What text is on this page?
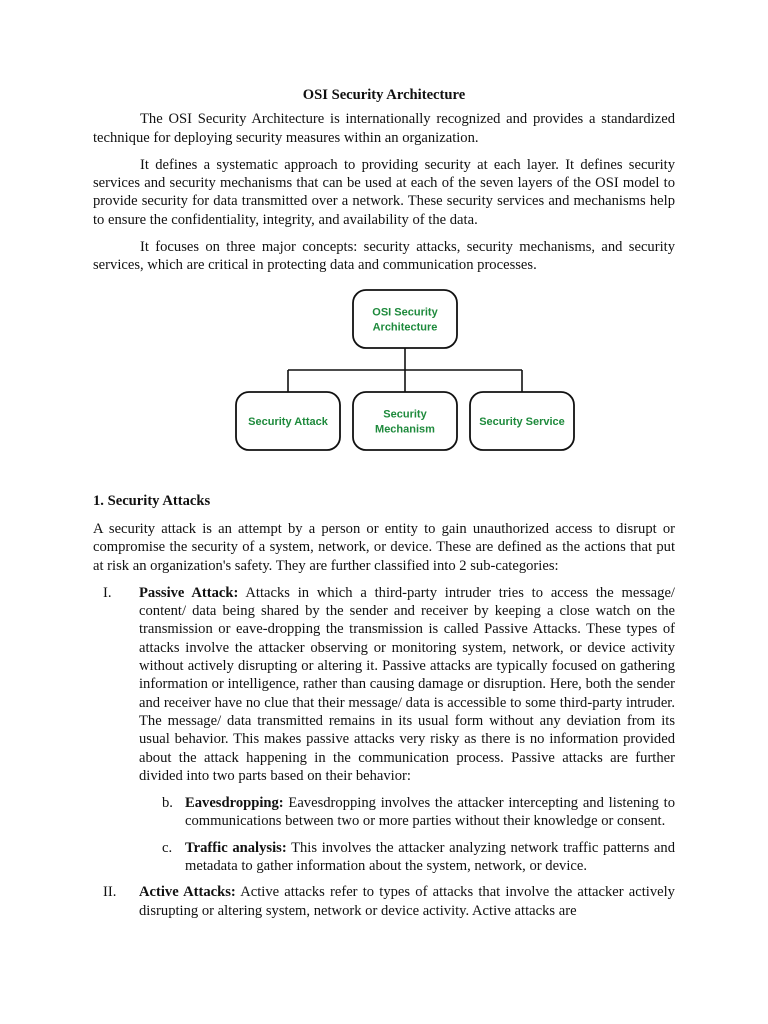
OSI Security Architecture

The OSI Security Architecture is internationally recognized and provides a standardized technique for deploying security measures within an organization.

It defines a systematic approach to providing security at each layer. It defines security services and security mechanisms that can be used at each of the seven layers of the OSI model to provide security for data transmitted over a network. These security services and mechanisms help to ensure the confidentiality, integrity, and availability of the data.

It focuses on three major concepts: security attacks, security mechanisms, and security services, which are critical in protecting data and communication processes.

OSI Security
Architecture
Security Attack
Security
Mechanism
Security Service
1. Security Attacks

A security attack is an attempt by a person or entity to gain unauthorized access to disrupt or compromise the security of a system, network, or device. These are defined as the actions that put at risk an organization's safety. They are further classified into 2 sub-categories:

I. Passive Attack: Attacks in which a third-party intruder tries to access the message/ content/ data being shared by the sender and receiver by keeping a close watch on the transmission or eave-dropping the transmission is called Passive Attacks. These types of attacks involve the attacker observing or monitoring system, network, or device activity without actively disrupting or altering it. Passive attacks are typically focused on gathering information or intelligence, rather than causing damage or disruption. Here, both the sender and receiver have no clue that their message/ data is accessible to some third-party intruder. The message/ data transmitted remains in its usual form without any deviation from its usual behavior. This makes passive attacks very risky as there is no information provided about the attack happening in the communication process. Passive attacks are further divided into two parts based on their behavior:

b. Eavesdropping: Eavesdropping involves the attacker intercepting and listening to communications between two or more parties without their knowledge or consent.

c. Traffic analysis: This involves the attacker analyzing network traffic patterns and metadata to gather information about the system, network, or device.

II. Active Attacks: Active attacks refer to types of attacks that involve the attacker actively disrupting or altering system, network or device activity. Active attacks are
